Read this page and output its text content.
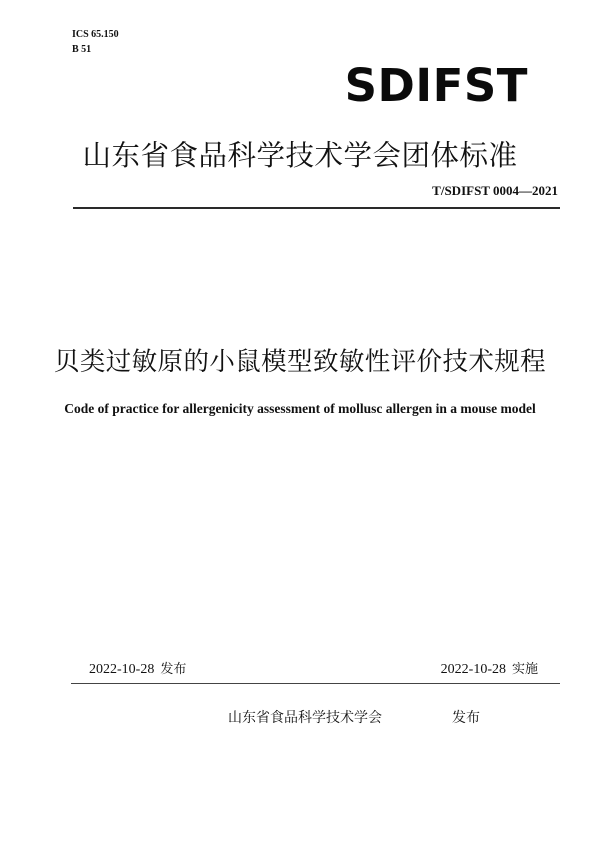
ICS 65.150
B 51
SDIFST
山东省食品科学技术学会团体标准
T/SDIFST 0004—2021
贝类过敏原的小鼠模型致敏性评价技术规程
Code of practice for allergenicity assessment of mollusc allergen in a mouse model
2022-10-28 发布	2022-10-28 实施
山东省食品科学技术学会	发布
